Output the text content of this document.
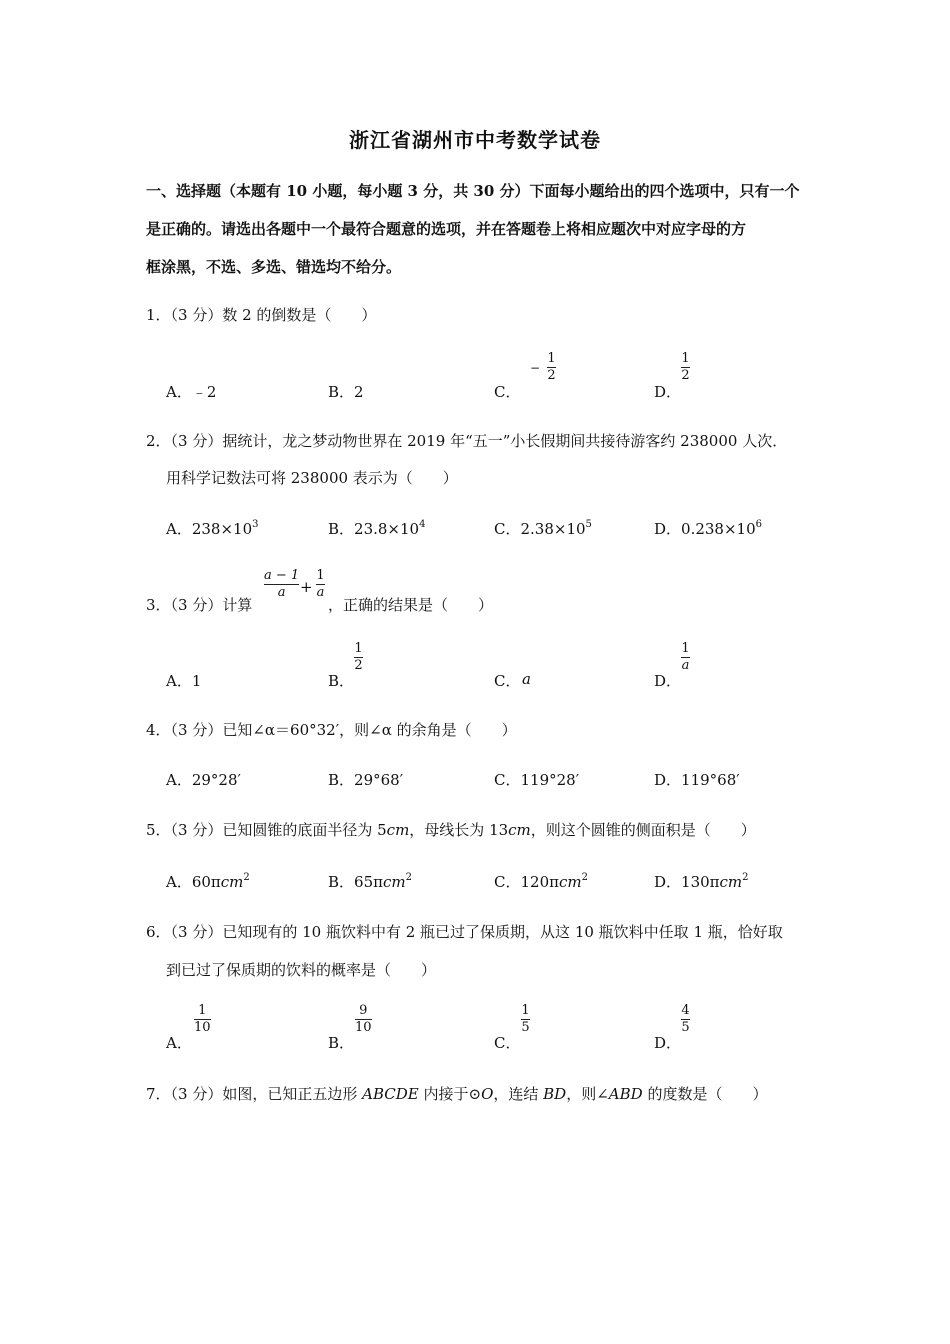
浙江省湖州市中考数学试卷
一、选择题（本题有 10 小题，每小题 3 分，共 30 分）下面每小题给出的四个选项中，只有一个
是正确的。请选出各题中一个最符合题意的选项，并在答题卷上将相应题次中对应字母的方
框涂黑，不选、多选、错选均不给分。
1．（3 分）数 2 的倒数是（　　）
A．﹣2	B．2	C．
−
1
2
D．
1
2
2．（3 分）据统计，龙之梦动物世界在 2019 年“五一”小长假期间共接待游客约 238000 人次．
用科学记数法可将 238000 表示为（　　）
A．$238\times 10^3$	B．$23.8\times 10^4$	C．$2.38\times 10^5$	D．$0.238\times 10^6$
3．（3 分）计算
a − 1
a +
1
a
，正确的结果是（　　）
A．1	B．
1
2
C． a	D．
1
a
4．（3 分）已知∠α＝60°32′，则∠α 的余角是（　　）
A．29°28′	B．29°68′	C．119°28′	D．119°68′
5．（3 分）已知圆锥的底面半径为 5cm，母线长为 13cm，则这个圆锥的侧面积是（　　）
A．60πcm$^2$	B．65πcm$^2$	C．120πcm$^2$	D．130πcm$^2$
6．（3 分）已知现有的 10 瓶饮料中有 2 瓶已过了保质期，从这 10 瓶饮料中任取 1 瓶，恰好取
到已过了保质期的饮料的概率是（　　）
A．
1
10
B．
9
10
C．
1
5
D．
4
5
7．（3 分）如图，已知正五边形 ABCDE 内接于⊙O，连结 BD，则∠ABD 的度数是（　　）
